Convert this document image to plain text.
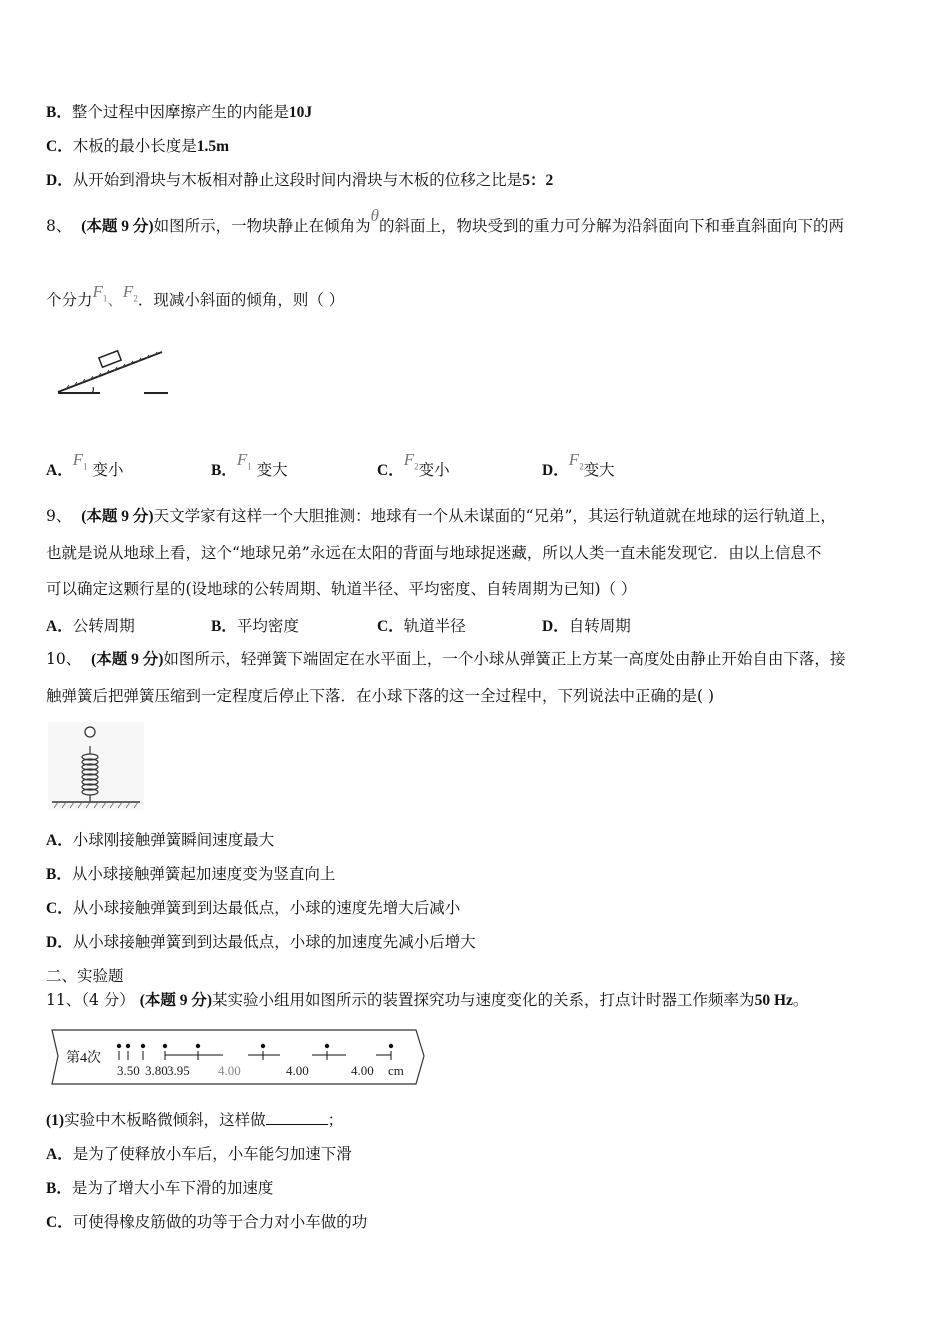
B．整个过程中因摩擦产生的内能是10J
C．木板的最小长度是1.5m
D．从开始到滑块与木板相对静止这段时间内滑块与木板的位移之比是5：2
8、 (本题 9 分)如图所示，一物块静止在倾角为θ的斜面上，物块受到的重力可分解为沿斜面向下和垂直斜面向下的两
个分力$F_1$、$F_2$．现减小斜面的倾角，则（ ）
A．$F_1$ 变小	B．$F_1$ 变大	C．$F_2$变小	D．$F_2$变大
9、 (本题 9 分)天文学家有这样一个大胆推测：地球有一个从未谋面的“兄弟”，其运行轨道就在地球的运行轨道上，
也就是说从地球上看，这个“地球兄弟”永远在太阳的背面与地球捉迷藏，所以人类一直未能发现它．由以上信息不
可以确定这颗行星的(设地球的公转周期、轨道半径、平均密度、自转周期为已知)（ ）
A．公转周期	B．平均密度	C．轨道半径	D．自转周期
10、 (本题 9 分)如图所示，轻弹簧下端固定在水平面上，一个小球从弹簧正上方某一高度处由静止开始自由下落，接
触弹簧后把弹簧压缩到一定程度后停止下落．在小球下落的这一全过程中，下列说法中正确的是( )
A．小球刚接触弹簧瞬间速度最大
B．从小球接触弹簧起加速度变为竖直向上
C．从小球接触弹簧到到达最低点，小球的速度先增大后减小
D．从小球接触弹簧到到达最低点，小球的加速度先减小后增大
二、实验题
11、（4 分） (本题 9 分)某实验小组用如图所示的装置探究功与速度变化的关系，打点计时器工作频率为50 Hz。
第4次
3.50 3.80 3.95 4.00	4.00	4.00 cm
(1)实验中木板略微倾斜，这样做	；
A．是为了使释放小车后，小车能匀加速下滑
B．是为了增大小车下滑的加速度
C．可使得橡皮筋做的功等于合力对小车做的功
